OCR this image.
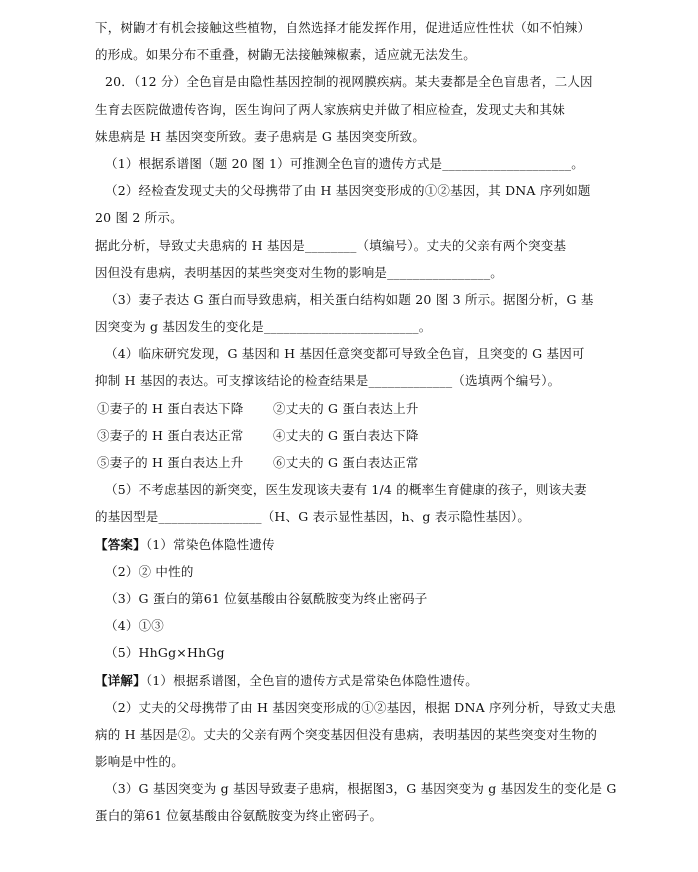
下，树鼩才有机会接触这些植物，自然选择才能发挥作用，促进适应性性状（如不怕辣）
的形成。如果分布不重叠，树鼩无法接触辣椒素，适应就无法发生。
20．（12 分）全色盲是由隐性基因控制的视网膜疾病。某夫妻都是全色盲患者，二人因
生育去医院做遗传咨询，医生询问了两人家族病史并做了相应检查，发现丈夫和其妹
妹患病是 H 基因突变所致。妻子患病是 G 基因突变所致。
（1）根据系谱图（题 20 图 1）可推测全色盲的遗传方式是____________________。
（2）经检查发现丈夫的父母携带了由 H 基因突变形成的①②基因，其 DNA 序列如题
20 图 2 所示。
据此分析，导致丈夫患病的 H 基因是________（填编号）。丈夫的父亲有两个突变基
因但没有患病，表明基因的某些突变对生物的影响是________________。
（3）妻子表达 G 蛋白而导致患病，相关蛋白结构如题 20 图 3 所示。据图分析，G 基
因突变为 g 基因发生的变化是________________________。
（4）临床研究发现，G 基因和 H 基因任意突变都可导致全色盲，且突变的 G 基因可
抑制 H 基因的表达。可支撑该结论的检查结果是_____________（选填两个编号）。
①妻子的 H 蛋白表达下降	②丈夫的 G 蛋白表达上升
③妻子的 H 蛋白表达正常	④丈夫的 G 蛋白表达下降
⑤妻子的 H 蛋白表达上升	⑥丈夫的 G 蛋白表达正常
（5）不考虑基因的新突变，医生发现该夫妻有 1/4 的概率生育健康的孩子，则该夫妻
的基因型是________________（H、G 表示显性基因，h、g 表示隐性基因）。
【答案】（1）常染色体隐性遗传
（2）② 中性的
（3）G 蛋白的第61 位氨基酸由谷氨酰胺变为终止密码子
（4）①③
（5）HhGg×HhGg
【详解】（1）根据系谱图，全色盲的遗传方式是常染色体隐性遗传。
（2）丈夫的父母携带了由 H 基因突变形成的①②基因，根据 DNA 序列分析，导致丈夫患
病的 H 基因是②。丈夫的父亲有两个突变基因但没有患病，表明基因的某些突变对生物的
影响是中性的。
（3）G 基因突变为 g 基因导致妻子患病，根据图3，G 基因突变为 g 基因发生的变化是 G
蛋白的第61 位氨基酸由谷氨酰胺变为终止密码子。
